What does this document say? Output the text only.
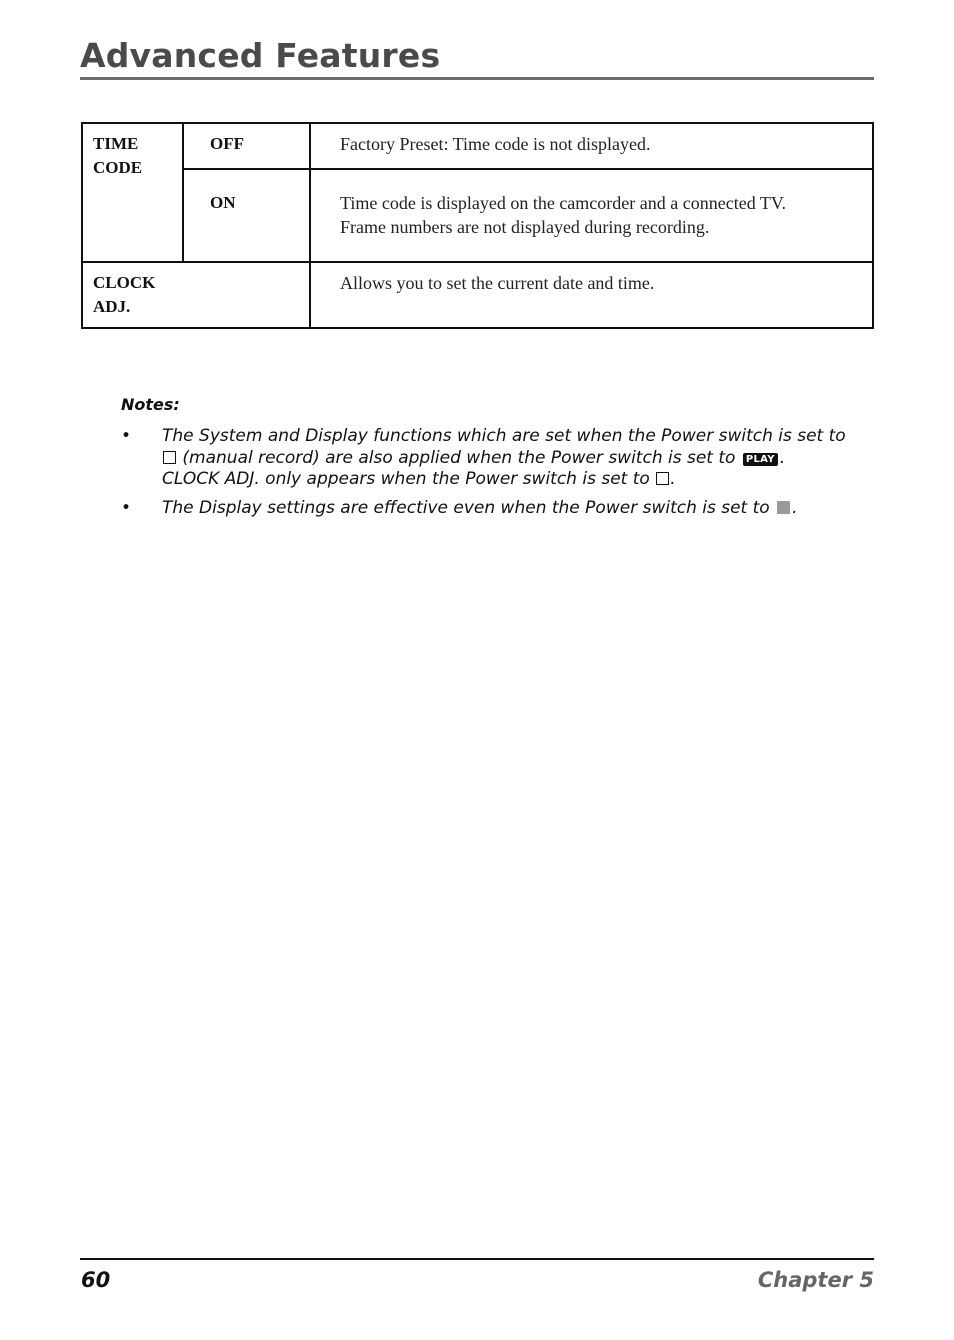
Advanced Features
TIME
CODE	OFF	Factory Preset: Time code is not displayed.
	ON	Time code is displayed on the camcorder and a connected TV.
Frame numbers are not displayed during recording.
CLOCK
ADJ.		Allows you to set the current date and time.
Notes:
• The System and Display functions which are set when the Power switch is set to
(manual record) are also applied when the Power switch is set to PLAY .
CLOCK ADJ. only appears when the Power switch is set to .
• The Display settings are effective even when the Power switch is set to .
60	Chapter 5
